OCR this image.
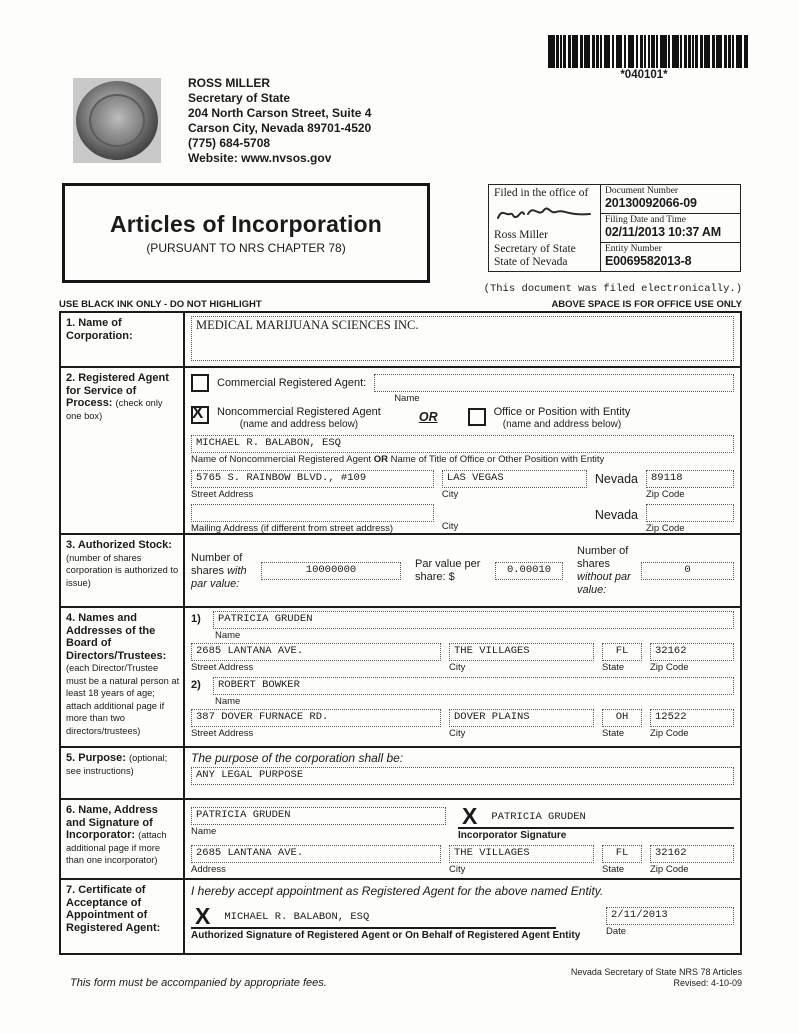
ROSS MILLER
Secretary of State
204 North Carson Street, Suite 4
Carson City, Nevada 89701-4520
(775) 684-5708
Website: www.nvsos.gov
*040101*
Articles of Incorporation
(PURSUANT TO NRS CHAPTER 78)
Filed in the office of
Ross Miller
Secretary of State
State of Nevada
Document Number
20130092066-09
Filing Date and Time
02/11/2013 10:37 AM
Entity Number
E0069582013-8
(This document was filed electronically.)
USE BLACK INK ONLY - DO NOT HIGHLIGHT	ABOVE SPACE IS FOR OFFICE USE ONLY
1. Name of Corporation:
MEDICAL MARIJUANA SCIENCES INC.
2. Registered Agent for Service of Process: (check only one box)
Commercial Registered Agent:
Name
X Noncommercial Registered Agent
(name and address below)	OR	Office or Position with Entity
(name and address below)
MICHAEL R. BALABON, ESQ
Name of Noncommercial Registered Agent OR Name of Title of Office or Other Position with Entity
5765 S. RAINBOW BLVD., #109
Street Address
LAS VEGAS
City
Nevada	89118
Zip Code
Mailing Address (if different from street address)	City
Nevada
Zip Code
3. Authorized Stock: (number of shares corporation is authorized to issue)
Number of shares with par value:
10000000	Par value per share: $
0.00010
Number of shares without par value:
0
4. Names and Addresses of the Board of Directors/Trustees: (each Director/Trustee must be a natural person at least 18 years of age; attach additional page if more than two directors/trustees)
1)	PATRICIA GRUDEN
Name
2685 LANTANA AVE.
Street Address
THE VILLAGES
City
FL
State
32162
Zip Code
2)	ROBERT BOWKER
Name
387 DOVER FURNACE RD.
Street Address
DOVER PLAINS
City
OH
State
12522
Zip Code
5. Purpose: (optional; see instructions)
The purpose of the corporation shall be:
ANY LEGAL PURPOSE
6. Name, Address and Signature of Incorporator: (attach additional page if more than one incorporator)
PATRICIA GRUDEN
Name
X PATRICIA GRUDEN
Incorporator Signature
2685 LANTANA AVE.
Address
THE VILLAGES
City
FL
State
32162
Zip Code
7. Certificate of Acceptance of Appointment of Registered Agent:
I hereby accept appointment as Registered Agent for the above named Entity.
X MICHAEL R. BALABON, ESQ
Authorized Signature of Registered Agent or On Behalf of Registered Agent Entity
2/11/2013
Date
This form must be accompanied by appropriate fees.
Nevada Secretary of State NRS 78 Articles
Revised: 4-10-09
